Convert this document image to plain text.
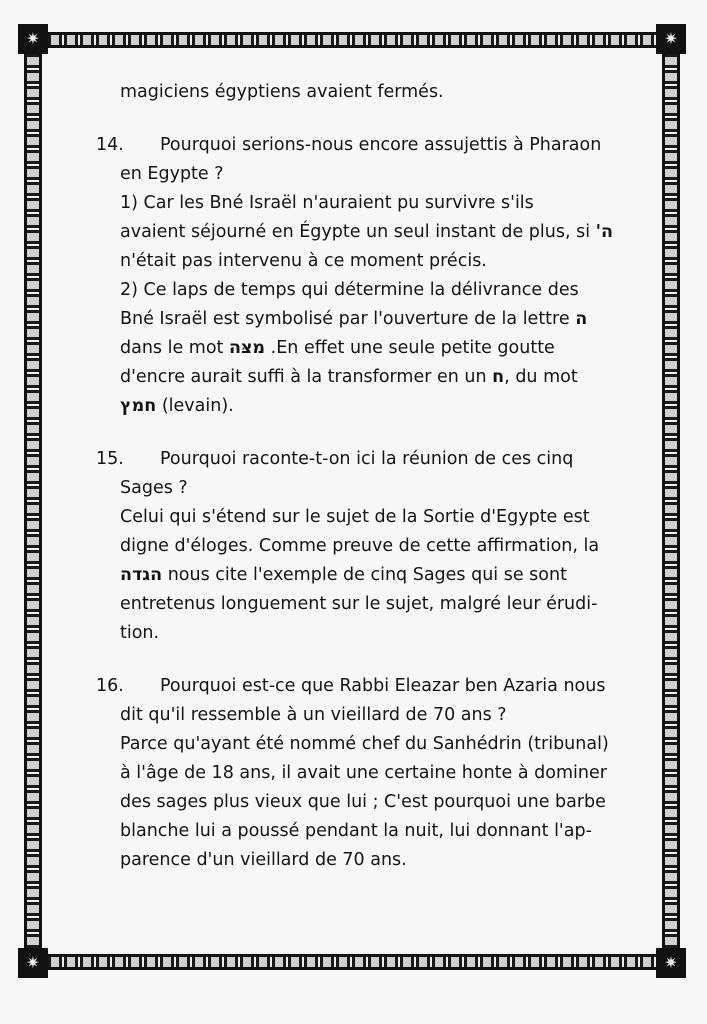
✷	✷
✷	✷
magiciens égyptiens avaient fermés.
14. Pourquoi serions-nous encore assujettis à Pharaon
en Egypte ?
1) Car les Bné Israël n'auraient pu survivre s'ils
avaient séjourné en Égypte un seul instant de plus, si 'ה
n'était pas intervenu à ce moment précis.
2) Ce laps de temps qui détermine la délivrance des
Bné Israël est symbolisé par l'ouverture de la lettre ה
dans le mot מצּה .En effet une seule petite goutte
d'encre aurait suffi à la transformer en un ח, du mot
חמץ (levain).
15. Pourquoi raconte-t-on ici la réunion de ces cinq
Sages ?
Celui qui s'étend sur le sujet de la Sortie d'Egypte est
digne d'éloges. Comme preuve de cette affirmation, la
הגדה nous cite l'exemple de cinq Sages qui se sont
entretenus longuement sur le sujet, malgré leur érudi-
tion.
16. Pourquoi est-ce que Rabbi Eleazar ben Azaria nous
dit qu'il ressemble à un vieillard de 70 ans ?
Parce qu'ayant été nommé chef du Sanhédrin (tribunal)
à l'âge de 18 ans, il avait une certaine honte à dominer
des sages plus vieux que lui ; C'est pourquoi une barbe
blanche lui a poussé pendant la nuit, lui donnant l'ap-
parence d'un vieillard de 70 ans.
